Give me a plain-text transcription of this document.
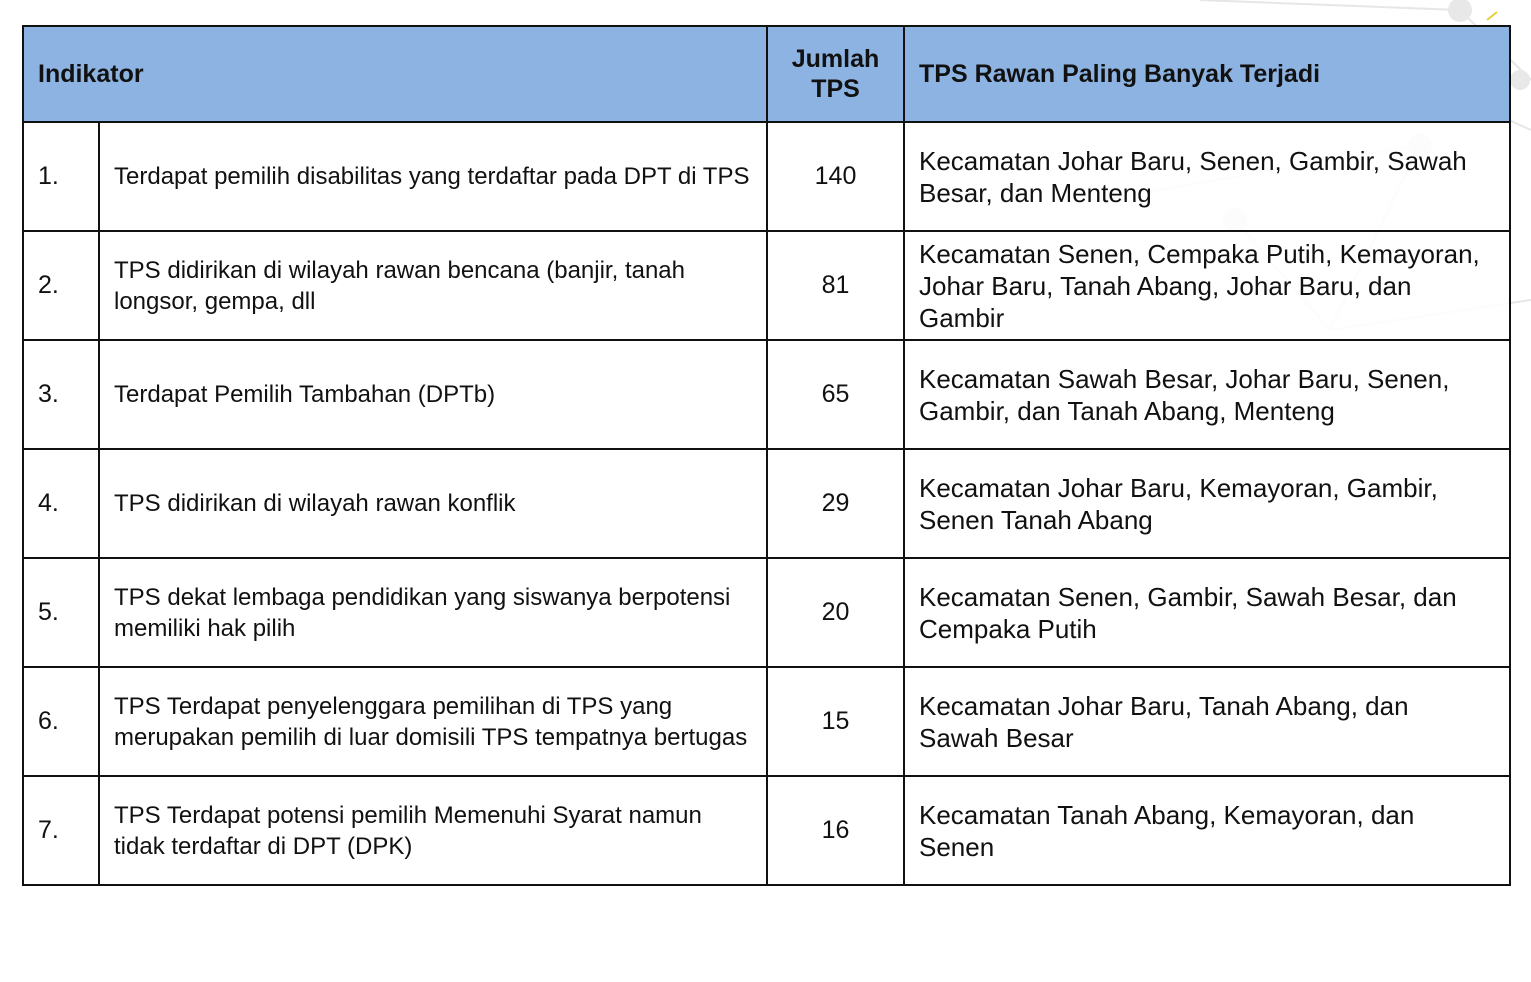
Indikator		Jumlah TPS	TPS Rawan Paling Banyak Terjadi
1.	Terdapat pemilih disabilitas yang terdaftar pada DPT di TPS	140	Kecamatan Johar Baru, Senen, Gambir, Sawah Besar, dan Menteng
2.	TPS didirikan di wilayah rawan bencana (banjir, tanah longsor, gempa, dll	81	Kecamatan Senen, Cempaka Putih, Kemayoran, Johar Baru, Tanah Abang, Johar Baru, dan Gambir
3.	Terdapat Pemilih Tambahan (DPTb)	65	Kecamatan Sawah Besar, Johar Baru, Senen, Gambir, dan Tanah Abang, Menteng
4.	TPS didirikan di wilayah rawan konflik	29	Kecamatan Johar Baru, Kemayoran, Gambir, Senen Tanah Abang
5.	TPS dekat lembaga pendidikan yang siswanya berpotensi memiliki hak pilih	20	Kecamatan Senen, Gambir, Sawah Besar, dan Cempaka Putih
6.	TPS Terdapat penyelenggara pemilihan di TPS yang merupakan pemilih di luar domisili TPS tempatnya bertugas	15	Kecamatan Johar Baru, Tanah Abang, dan Sawah Besar
7.	TPS Terdapat potensi pemilih Memenuhi Syarat namun tidak terdaftar di DPT (DPK)	16	Kecamatan Tanah Abang, Kemayoran, dan Senen
